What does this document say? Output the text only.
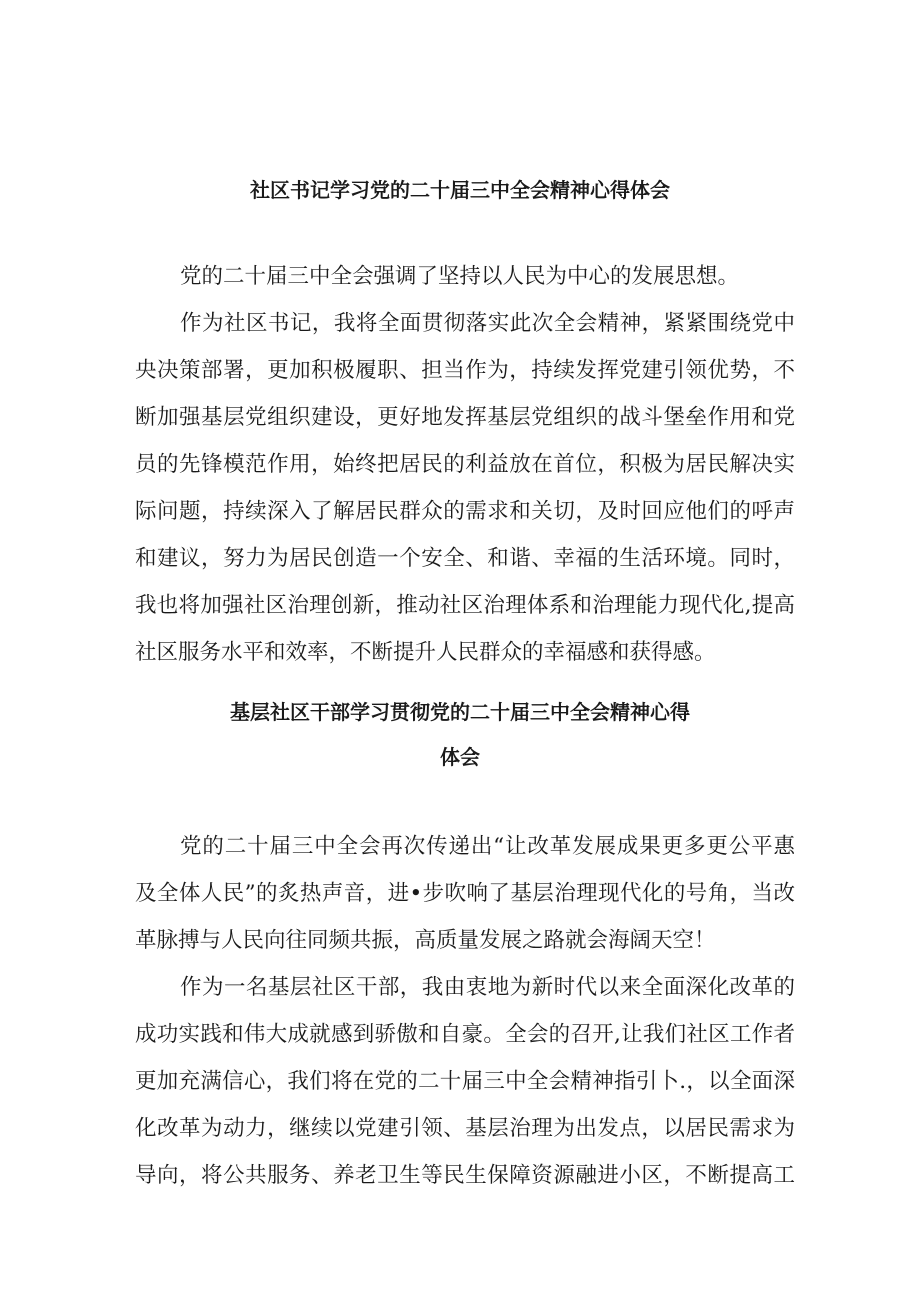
社区书记学习党的二十届三中全会精神心得体会
党的二十届三中全会强调了坚持以人民为中心的发展思想。
作为社区书记，我将全面贯彻落实此次全会精神，紧紧围绕党中
央决策部署，更加积极履职、担当作为，持续发挥党建引领优势，不
断加强基层党组织建设，更好地发挥基层党组织的战斗堡垒作用和党
员的先锋模范作用，始终把居民的利益放在首位，积极为居民解决实
际问题，持续深入了解居民群众的需求和关切，及时回应他们的呼声
和建议，努力为居民创造一个安全、和谐、幸福的生活环境。同时，
我也将加强社区治理创新，推动社区治理体系和治理能力现代化,提高
社区服务水平和效率，不断提升人民群众的幸福感和获得感。
基层社区干部学习贯彻党的二十届三中全会精神心得
体会
党的二十届三中全会再次传递出“让改革发展成果更多更公平惠
及全体人民”的炙热声音，进•步吹响了基层治理现代化的号角，当改
革脉搏与人民向往同频共振，高质量发展之路就会海阔天空！
作为一名基层社区干部，我由衷地为新时代以来全面深化改革的
成功实践和伟大成就感到骄傲和自豪。全会的召开,让我们社区工作者
更加充满信心，我们将在党的二十届三中全会精神指引卜.，以全面深
化改革为动力，继续以党建引领、基层治理为出发点，以居民需求为
导向，将公共服务、养老卫生等民生保障资源融进小区，不断提高工
